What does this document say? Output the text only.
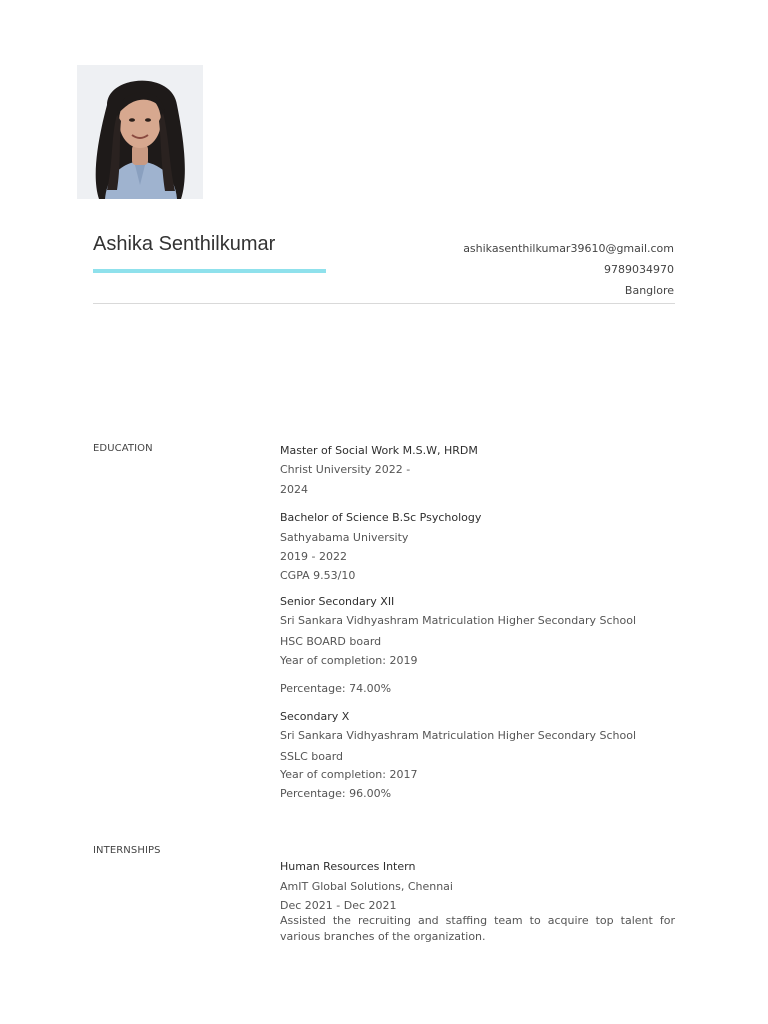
Ashika Senthilkumar	ashikasenthilkumar39610@gmail.com
9789034970
Banglore
EDUCATION	Master of Social Work M.S.W, HRDM
Christ University 2022 -
2024
Bachelor of Science B.Sc Psychology
Sathyabama University
2019 - 2022
CGPA 9.53/10
Senior Secondary XII
Sri Sankara Vidhyashram Matriculation Higher Secondary School
HSC BOARD board
Year of completion: 2019
Percentage: 74.00%
Secondary X
Sri Sankara Vidhyashram Matriculation Higher Secondary School
SSLC board
Year of completion: 2017
Percentage: 96.00%
INTERNSHIPS
Human Resources Intern
AmIT Global Solutions, Chennai
Dec 2021 - Dec 2021
Assisted the recruiting and staffing team to acquire top talent for various branches of the organization.
